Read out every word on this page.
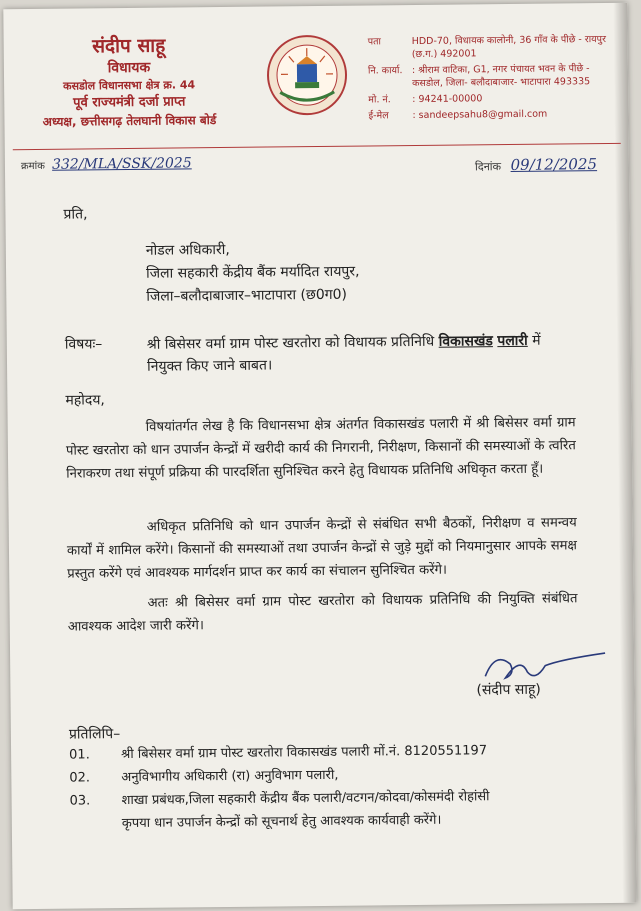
संदीप साहू
विधायक
कसडोल विधानसभा क्षेत्र क्र. 44
पूर्व राज्यमंत्री दर्जा प्राप्त
अध्यक्ष, छत्तीसगढ़ तेलघानी विकास बोर्ड
पता	HDD-70, विधायक कालोनी, 36 गाँव के पीछे - रायपुर (छ.ग.) 492001
नि. कार्या. : श्रीराम वाटिका, G1, नगर पंचायत भवन के पीछे - कसडोल, जिला- बलौदाबाजार- भाटापारा 493335
मो. नं.	: 94241-00000
ई-मेल	: sandeepsahu8@gmail.com
क्रमांक 332/MLA/SSK/2025	दिनांक 09/12/2025
प्रति,
नोडल अधिकारी,
जिला सहकारी केंद्रीय बैंक मर्यादित रायपुर,
जिला–बलौदाबाजार–भाटापारा (छ0ग0)
विषयः–	श्री बिसेसर वर्मा ग्राम पोस्ट खरतोरा को विधायक प्रतिनिधि विकासखंड पलारी में नियुक्त किए जाने बाबत।
महोदय,
विषयांतर्गत लेख है कि विधानसभा क्षेत्र अंतर्गत विकासखंड पलारी में श्री बिसेसर वर्मा ग्राम पोस्ट खरतोरा को धान उपार्जन केन्द्रों में खरीदी कार्य की निगरानी, निरीक्षण, किसानों की समस्याओं के त्वरित निराकरण तथा संपूर्ण प्रक्रिया की पारदर्शिता सुनिश्चित करने हेतु विधायक प्रतिनिधि अधिकृत करता हूँ।
अधिकृत प्रतिनिधि को धान उपार्जन केन्द्रों से संबंधित सभी बैठकों, निरीक्षण व समन्वय कार्यों में शामिल करेंगे। किसानों की समस्याओं तथा उपार्जन केन्द्रों से जुड़े मुद्दों को नियमानुसार आपके समक्ष प्रस्तुत करेंगे एवं आवश्यक मार्गदर्शन प्राप्त कर कार्य का संचालन सुनिश्चित करेंगे।
अतः श्री बिसेसर वर्मा ग्राम पोस्ट खरतोरा को विधायक प्रतिनिधि की नियुक्ति संबंधित आवश्यक आदेश जारी करेंगे।
(संदीप साहू)
प्रतिलिपि–
01.	श्री बिसेसर वर्मा ग्राम पोस्ट खरतोरा विकासखंड पलारी मों.नं. 8120551197
02.	अनुविभागीय अधिकारी (रा) अनुविभाग पलारी,
03.	शाखा प्रबंधक,जिला सहकारी केंद्रीय बैंक पलारी/वटगन/कोदवा/कोसमंदी रोहांसी
कृपया धान उपार्जन केन्द्रों को सूचनार्थ हेतु आवश्यक कार्यवाही करेंगे।
